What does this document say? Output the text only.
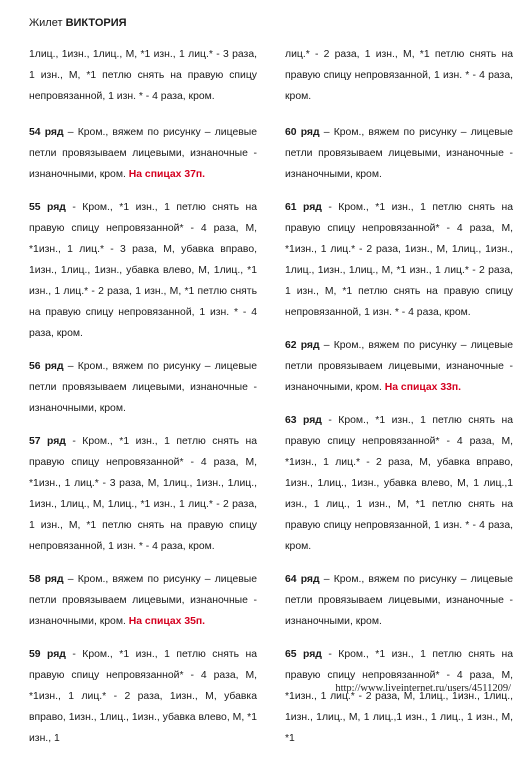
Жилет ВИКТОРИЯ

1лиц., 1изн., 1лиц., М, *1 изн., 1 лиц.* - 3 раза, 1 изн., М, *1 петлю снять на правую спицу непровязанной, 1 изн. * - 4 раза, кром.

54 ряд – Кром., вяжем по рисунку – лицевые петли провязываем лицевыми, изнаночные - изнаночными, кром. На спицах 37п.

55 ряд - Кром., *1 изн., 1 петлю снять на правую спицу непровязанной* - 4 раза, М, *1изн., 1 лиц.* - 3 раза, М, убавка вправо, 1изн., 1лиц., 1изн., убавка влево, М, 1лиц., *1 изн., 1 лиц.* - 2 раза, 1 изн., М, *1 петлю снять на правую спицу непровязанной, 1 изн. * - 4 раза, кром.

56 ряд – Кром., вяжем по рисунку – лицевые петли провязываем лицевыми, изнаночные - изнаночными, кром.

57 ряд - Кром., *1 изн., 1 петлю снять на правую спицу непровязанной* - 4 раза, М, *1изн., 1 лиц.* - 3 раза, М, 1лиц., 1изн., 1лиц., 1изн., 1лиц., М, 1лиц., *1 изн., 1 лиц.* - 2 раза, 1 изн., М, *1 петлю снять на правую спицу непровязанной, 1 изн. * - 4 раза, кром.

58 ряд – Кром., вяжем по рисунку – лицевые петли провязываем лицевыми, изнаночные - изнаночными, кром. На спицах 35п.

59 ряд - Кром., *1 изн., 1 петлю снять на правую спицу непровязанной* - 4 раза, М, *1изн., 1 лиц.* - 2 раза, 1изн., М, убавка вправо, 1изн., 1лиц., 1изн., убавка влево, М, *1 изн., 1

лиц.* - 2 раза, 1 изн., М, *1 петлю снять на правую спицу непровязанной, 1 изн. * - 4 раза, кром.

60 ряд – Кром., вяжем по рисунку – лицевые петли провязываем лицевыми, изнаночные - изнаночными, кром.

61 ряд - Кром., *1 изн., 1 петлю снять на правую спицу непровязанной* - 4 раза, М, *1изн., 1 лиц.* - 2 раза, 1изн., М, 1лиц., 1изн., 1лиц., 1изн., 1лиц., М, *1 изн., 1 лиц.* - 2 раза, 1 изн., М, *1 петлю снять на правую спицу непровязанной, 1 изн. * - 4 раза, кром.

62 ряд – Кром., вяжем по рисунку – лицевые петли провязываем лицевыми, изнаночные - изнаночными, кром. На спицах 33п.

63 ряд - Кром., *1 изн., 1 петлю снять на правую спицу непровязанной* - 4 раза, М, *1изн., 1 лиц.* - 2 раза, М, убавка вправо, 1изн., 1лиц., 1изн., убавка влево, М, 1 лиц.,1 изн., 1 лиц., 1 изн., М, *1 петлю снять на правую спицу непровязанной, 1 изн. * - 4 раза, кром.

64 ряд – Кром., вяжем по рисунку – лицевые петли провязываем лицевыми, изнаночные - изнаночными, кром.

65 ряд - Кром., *1 изн., 1 петлю снять на правую спицу непровязанной* - 4 раза, М, *1изн., 1 лиц.* - 2 раза, М, 1лиц., 1изн., 1лиц., 1изн., 1лиц., М, 1 лиц.,1 изн., 1 лиц., 1 изн., М, *1

http://www.liveinternet.ru/users/4511209/
